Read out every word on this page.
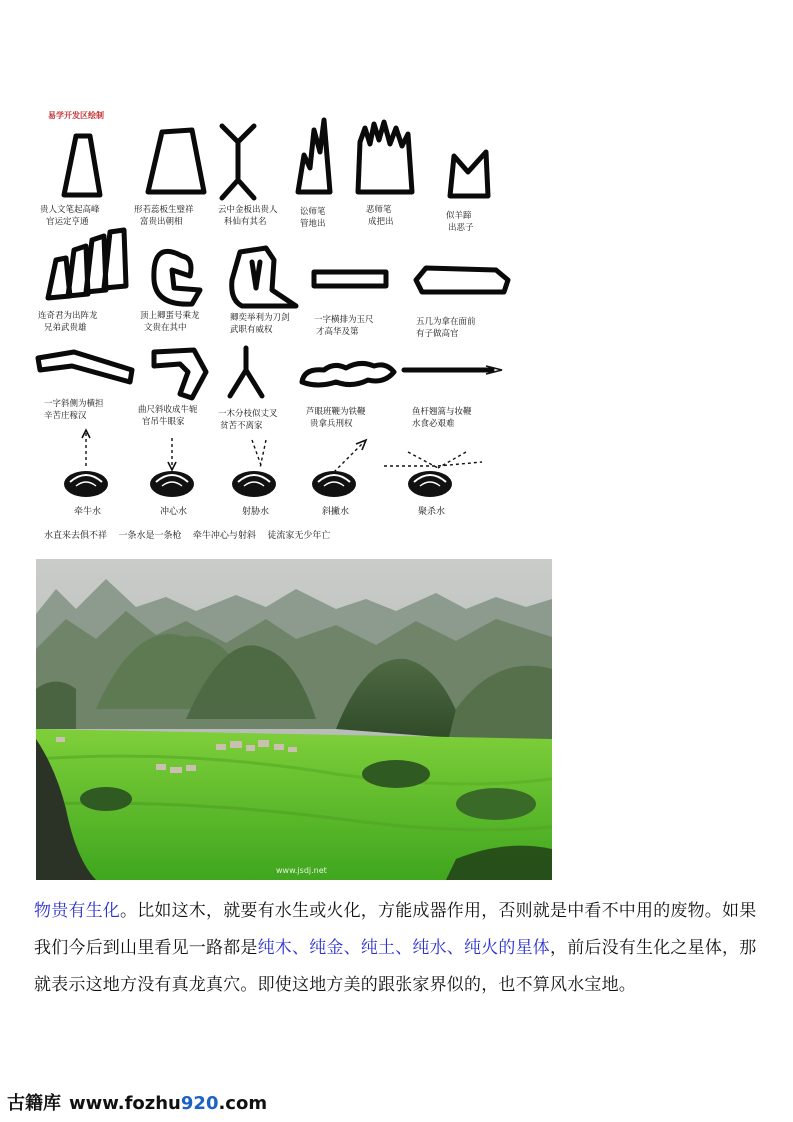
易学开发区绘制
贵人文笔起高峰
官运定亨通
形若蕊板生璧祥
富贵出朝相
云中金板出贵人
科仙有其名
讼师笔
管地出
恶师笔
成把出
似羊蹄
出恶子
连奇君为出阵龙
兄弟武贵雄
顶上卿蛋号乘龙
文贵在其中
卿奕举利为刀剑
武职有威权
一字横排为玉尺
才高华及第
五几为拿在面前
有子做高官
一字斜侧为横担
辛苦庄稼汉
曲尺斜收成牛轭
官吊牛眼家
一木分枝似丈叉
贫苦不离家
芦眼班鞭为铁鞭
贵拿兵刑权
鱼杆翘篙与妆鞭
水食必艰难
牵牛水	冲心水	射胁水	斜撇水	聚杀水
水直来去俱不祥    一条水是一条枪    牵牛冲心与射斜    徒流家无少年亡
www.jsdj.net

物贵有生化。比如这木，就要有水生或火化，方能成器作用，否则就是中看不中用的废物。如果我们今后到山里看见一路都是纯木、纯金、纯土、纯水、纯火的星体，前后没有生化之星体，那就表示这地方没有真龙真穴。即使这地方美的跟张家界似的，也不算风水宝地。

古籍库 www.fozhu 920 .com
